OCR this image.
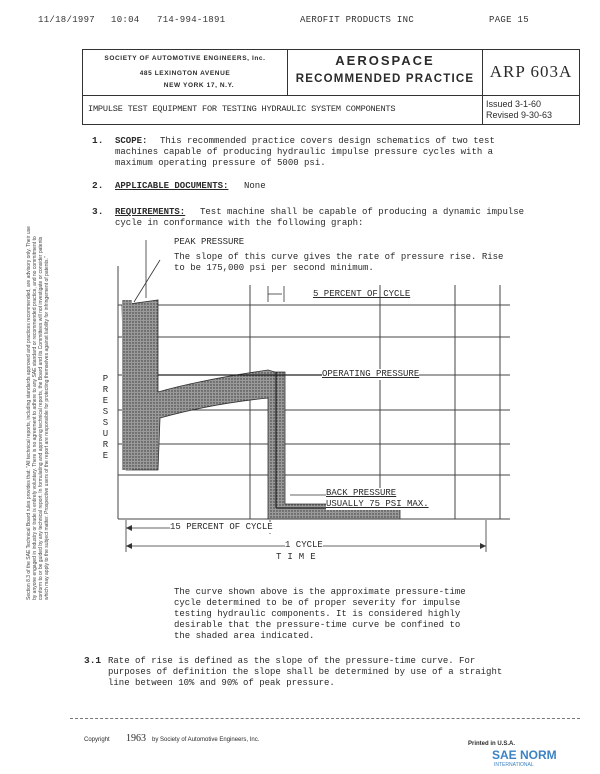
11/18/1997 10:04 714-994-1891	AEROFIT PRODUCTS INC	PAGE 15
SOCIETY OF AUTOMOTIVE ENGINEERS, Inc.
485 LEXINGTON AVENUE
NEW YORK 17, N.Y.
AEROSPACE
RECOMMENDED PRACTICE ARP 603A
IMPULSE TEST EQUIPMENT FOR TESTING HYDRAULIC SYSTEM COMPONENTS	Issued 3-1-60
Revised 9-30-63
1. SCOPE: This recommended practice covers design schematics of two test
machines capable of producing hydraulic impulse pressure cycles with a
maximum operating pressure of 5000 psi.
2. APPLICABLE DOCUMENTS: None
3. REQUIREMENTS: Test machine shall be capable of producing a dynamic impulse
cycle in conformance with the following graph:
PEAK PRESSURE
The slope of this curve gives the rate of pressure rise. Rise
to be 175,000 psi per second minimum.
5 PERCENT OF CYCLE
OPERATING PRESSURE
BACK PRESSURE
USUALLY 75 PSI MAX.
15 PERCENT OF CYCLE
1 CYCLE
TIME
PRESSURE
The curve shown above is the approximate pressure-time
cycle determined to be of proper severity for impulse
testing hydraulic components. It is considered highly
desirable that the pressure-time curve be confined to
the shaded area indicated.
3.1 Rate of rise is defined as the slope of the pressure-time curve. For
purposes of definition the slope shall be determined by use of a straight
line between 10% and 90% of peak pressure.
Section 8.3 of the SAE Technical Board rules provides that: "All technical reports, including standards approved and practices recommended, are advisory only. Their use by anyone engaged in industry or trade is entirely voluntary. There is no agreement to adhere to any SAE standard or recommended practice, and no commitment to conform to or be guided by any technical report. In formulating and approving technical reports, the Board and its Committees will not investigate or consider patents which may apply to the subject matter. Prospective users of the report are responsible for protecting themselves against liability for infringement of patents."
Copyright 1963 by Society of Automotive Engineers, Inc.
Printed in U.S.A.
SAE NORM
INTERNATIONAL
